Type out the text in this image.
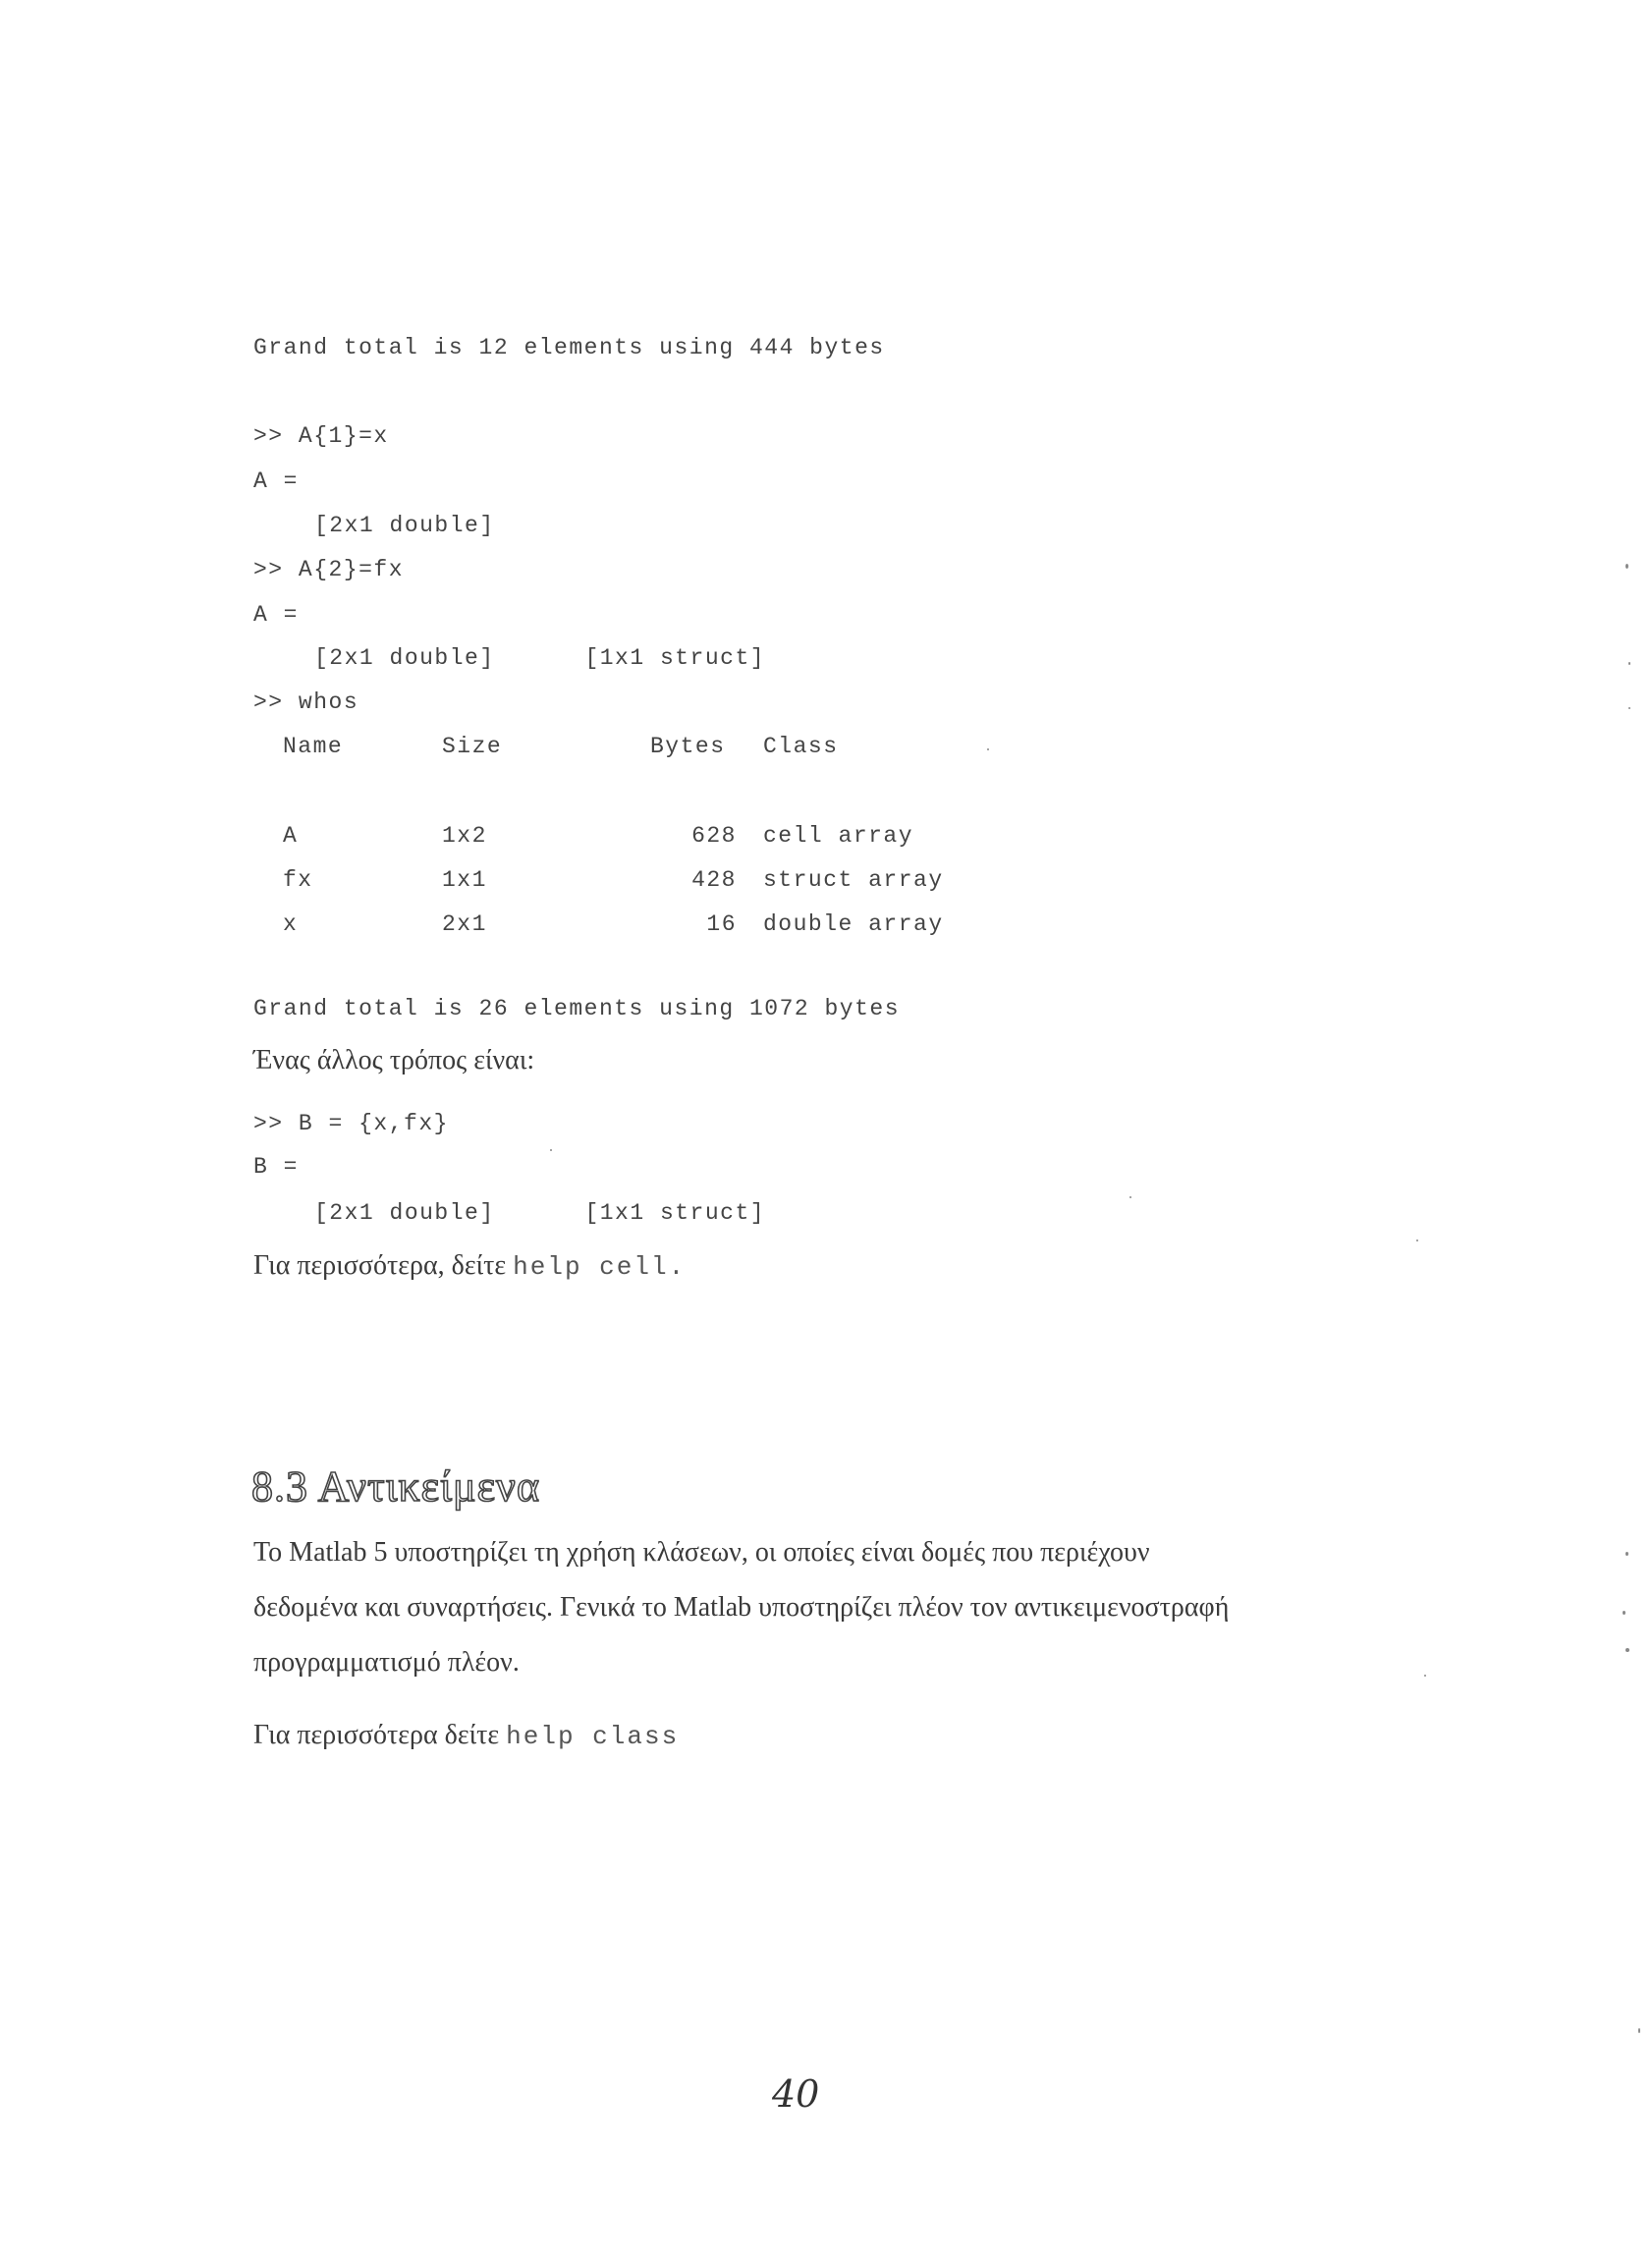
Grand total is 12 elements using 444 bytes
>> A{1}=x
A =
[2x1 double]
>> A{2}=fx
A =
[2x1 double]      [1x1 struct]
>> whos
Name	Size	Bytes Class
A	1x2	628 cell array
fx	1x1	428 struct array
x	2x1	16 double array
Grand total is 26 elements using 1072 bytes
Ένας άλλος τρόπος είναι:
>> B = {x,fx}
B =
[2x1 double]      [1x1 struct]
Για περισσότερα, δείτε help cell.
8.3 Αντικείμενα
Το Matlab 5 υποστηρίζει τη χρήση κλάσεων, οι οποίες είναι δομές που περιέχουν
δεδομένα και συναρτήσεις. Γενικά το Matlab υποστηρίζει πλέον τον αντικειμενοστραφή
προγραμματισμό πλέον.
Για περισσότερα δείτε help class
40
